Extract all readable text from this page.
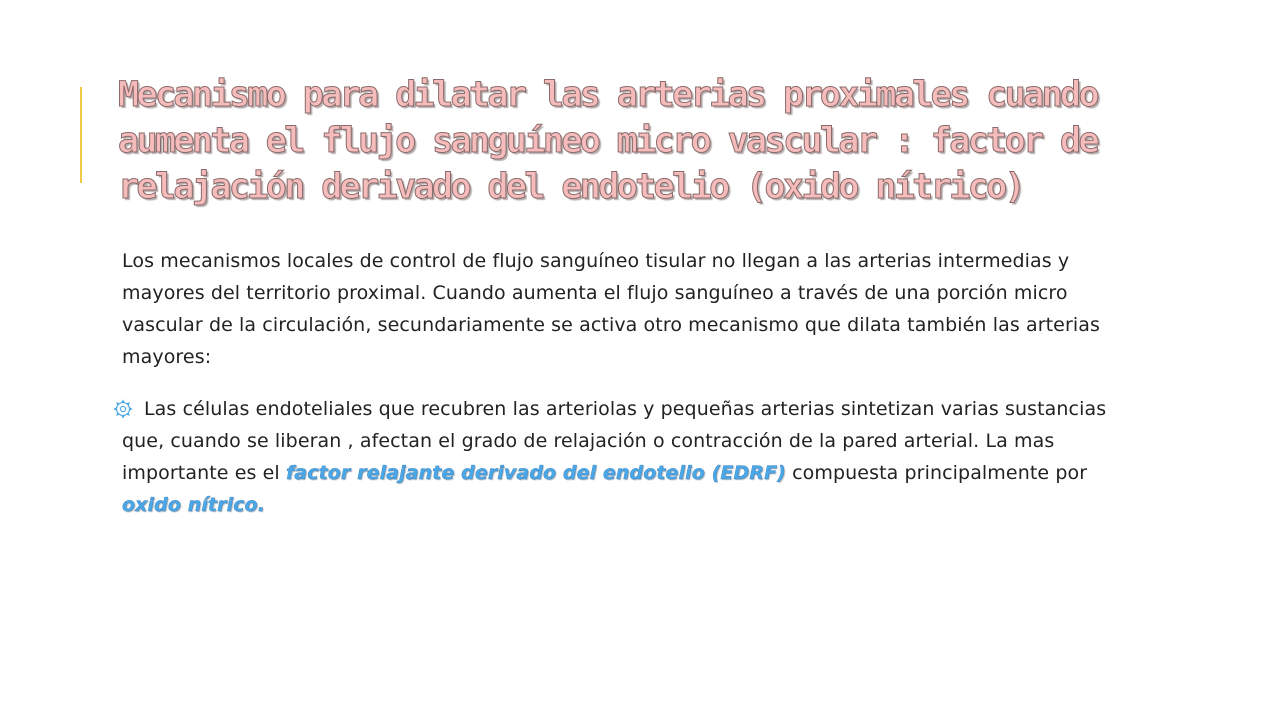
Mecanismo para dilatar las arterias proximales cuando aumenta el flujo sanguíneo micro vascular : factor de relajación derivado del endotelio (oxido nítrico)

Los mecanismos locales de control de flujo sanguíneo tisular no llegan a las arterias intermedias y mayores del territorio proximal. Cuando aumenta el flujo sanguíneo a través de una porción micro vascular de la circulación, secundariamente se activa otro mecanismo que dilata también las arterias mayores:

Las células endoteliales que recubren las arteriolas y pequeñas arterias sintetizan varias sustancias que, cuando se liberan , afectan el grado de relajación o contracción de la pared arterial. La mas importante es el factor relajante derivado del endotelio (EDRF) compuesta principalmente por oxido nítrico.
